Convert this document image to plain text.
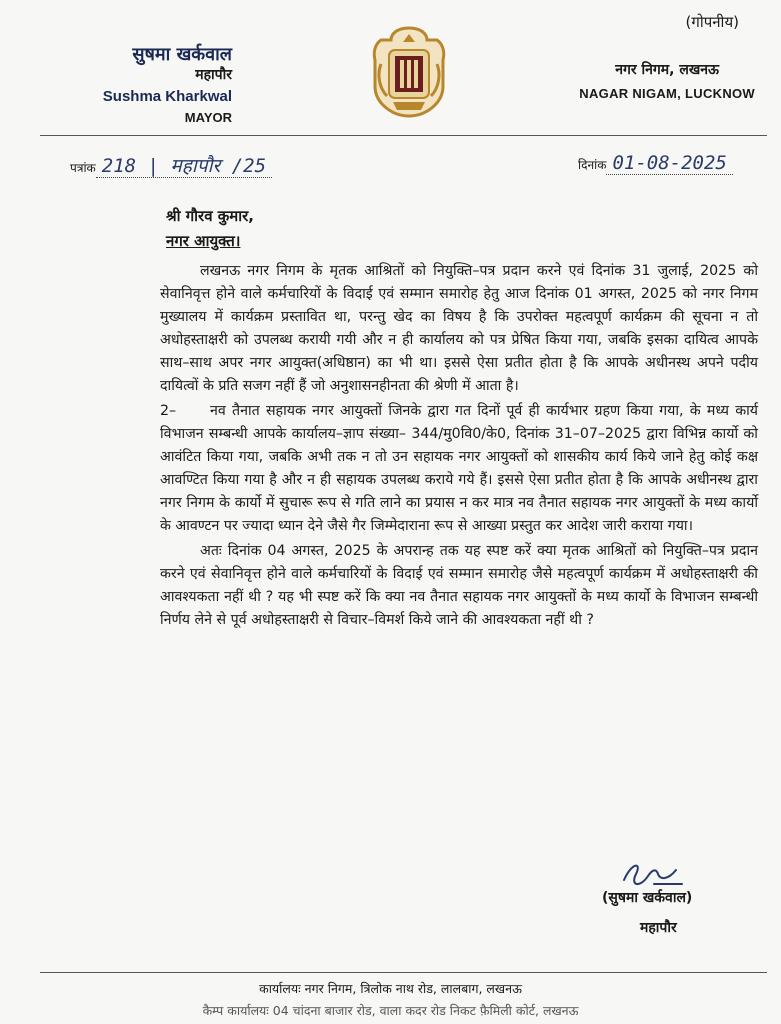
(गोपनीय)
सुषमा खर्कवाल
महापौर
Sushma Kharkwal
MAYOR
नगर निगम, लखनऊ
NAGAR NIGAM, LUCKNOW
पत्रांक 218 | महापौर /25	दिनांक 01-08-2025
श्री गौरव कुमार,
नगर आयुक्त।

लखनऊ नगर निगम के मृतक आश्रितों को नियुक्ति–पत्र प्रदान करने एवं दिनांक 31 जुलाई, 2025 को सेवानिवृत्त होने वाले कर्मचारियों के विदाई एवं सम्मान समारोह हेतु आज दिनांक 01 अगस्त, 2025 को नगर निगम मुख्यालय में कार्यक्रम प्रस्तावित था, परन्तु खेद का विषय है कि उपरोक्त महत्वपूर्ण कार्यक्रम की सूचना न तो अधोहस्ताक्षरी को उपलब्ध करायी गयी और न ही कार्यालय को पत्र प्रेषित किया गया, जबकि इसका दायित्व आपके साथ–साथ अपर नगर आयुक्त(अधिष्ठान) का भी था। इससे ऐसा प्रतीत होता है कि आपके अधीनस्थ अपने पदीय दायित्वों के प्रति सजग नहीं हैं जो अनुशासनहीनता की श्रेणी में आता है।

2– नव तैनात सहायक नगर आयुक्तों जिनके द्वारा गत दिनों पूर्व ही कार्यभार ग्रहण किया गया, के मध्य कार्य विभाजन सम्बन्धी आपके कार्यालय–ज्ञाप संख्या– 344/मु0वि0/के0, दिनांक 31–07–2025 द्वारा विभिन्न कार्यो को आवंटित किया गया, जबकि अभी तक न तो उन सहायक नगर आयुक्तों को शासकीय कार्य किये जाने हेतु कोई कक्ष आवण्टित किया गया है और न ही सहायक उपलब्ध कराये गये हैं। इससे ऐसा प्रतीत होता है कि आपके अधीनस्थ द्वारा नगर निगम के कार्यो में सुचारू रूप से गति लाने का प्रयास न कर मात्र नव तैनात सहायक नगर आयुक्तों के मध्य कार्यो के आवण्टन पर ज्यादा ध्यान देने जैसे गैर जिम्मेदाराना रूप से आख्या प्रस्तुत कर आदेश जारी कराया गया।

अतः दिनांक 04 अगस्त, 2025 के अपरान्ह तक यह स्पष्ट करें क्या मृतक आश्रितों को नियुक्ति–पत्र प्रदान करने एवं सेवानिवृत्त होने वाले कर्मचारियों के विदाई एवं सम्मान समारोह जैसे महत्वपूर्ण कार्यक्रम में अधोहस्ताक्षरी की आवश्यकता नहीं थी ? यह भी स्पष्ट करें कि क्या नव तैनात सहायक नगर आयुक्तों के मध्य कार्यो के विभाजन सम्बन्धी निर्णय लेने से पूर्व अधोहस्ताक्षरी से विचार–विमर्श किये जाने की आवश्यकता नहीं थी ?

(सुषमा खर्कवाल)
महापौर
कार्यालयः नगर निगम, त्रिलोक नाथ रोड, लालबाग, लखनऊ
कैम्प कार्यालयः 04 चांदना बाजार रोड, वाला कदर रोड निकट फ़ैमिली कोर्ट, लखनऊ
